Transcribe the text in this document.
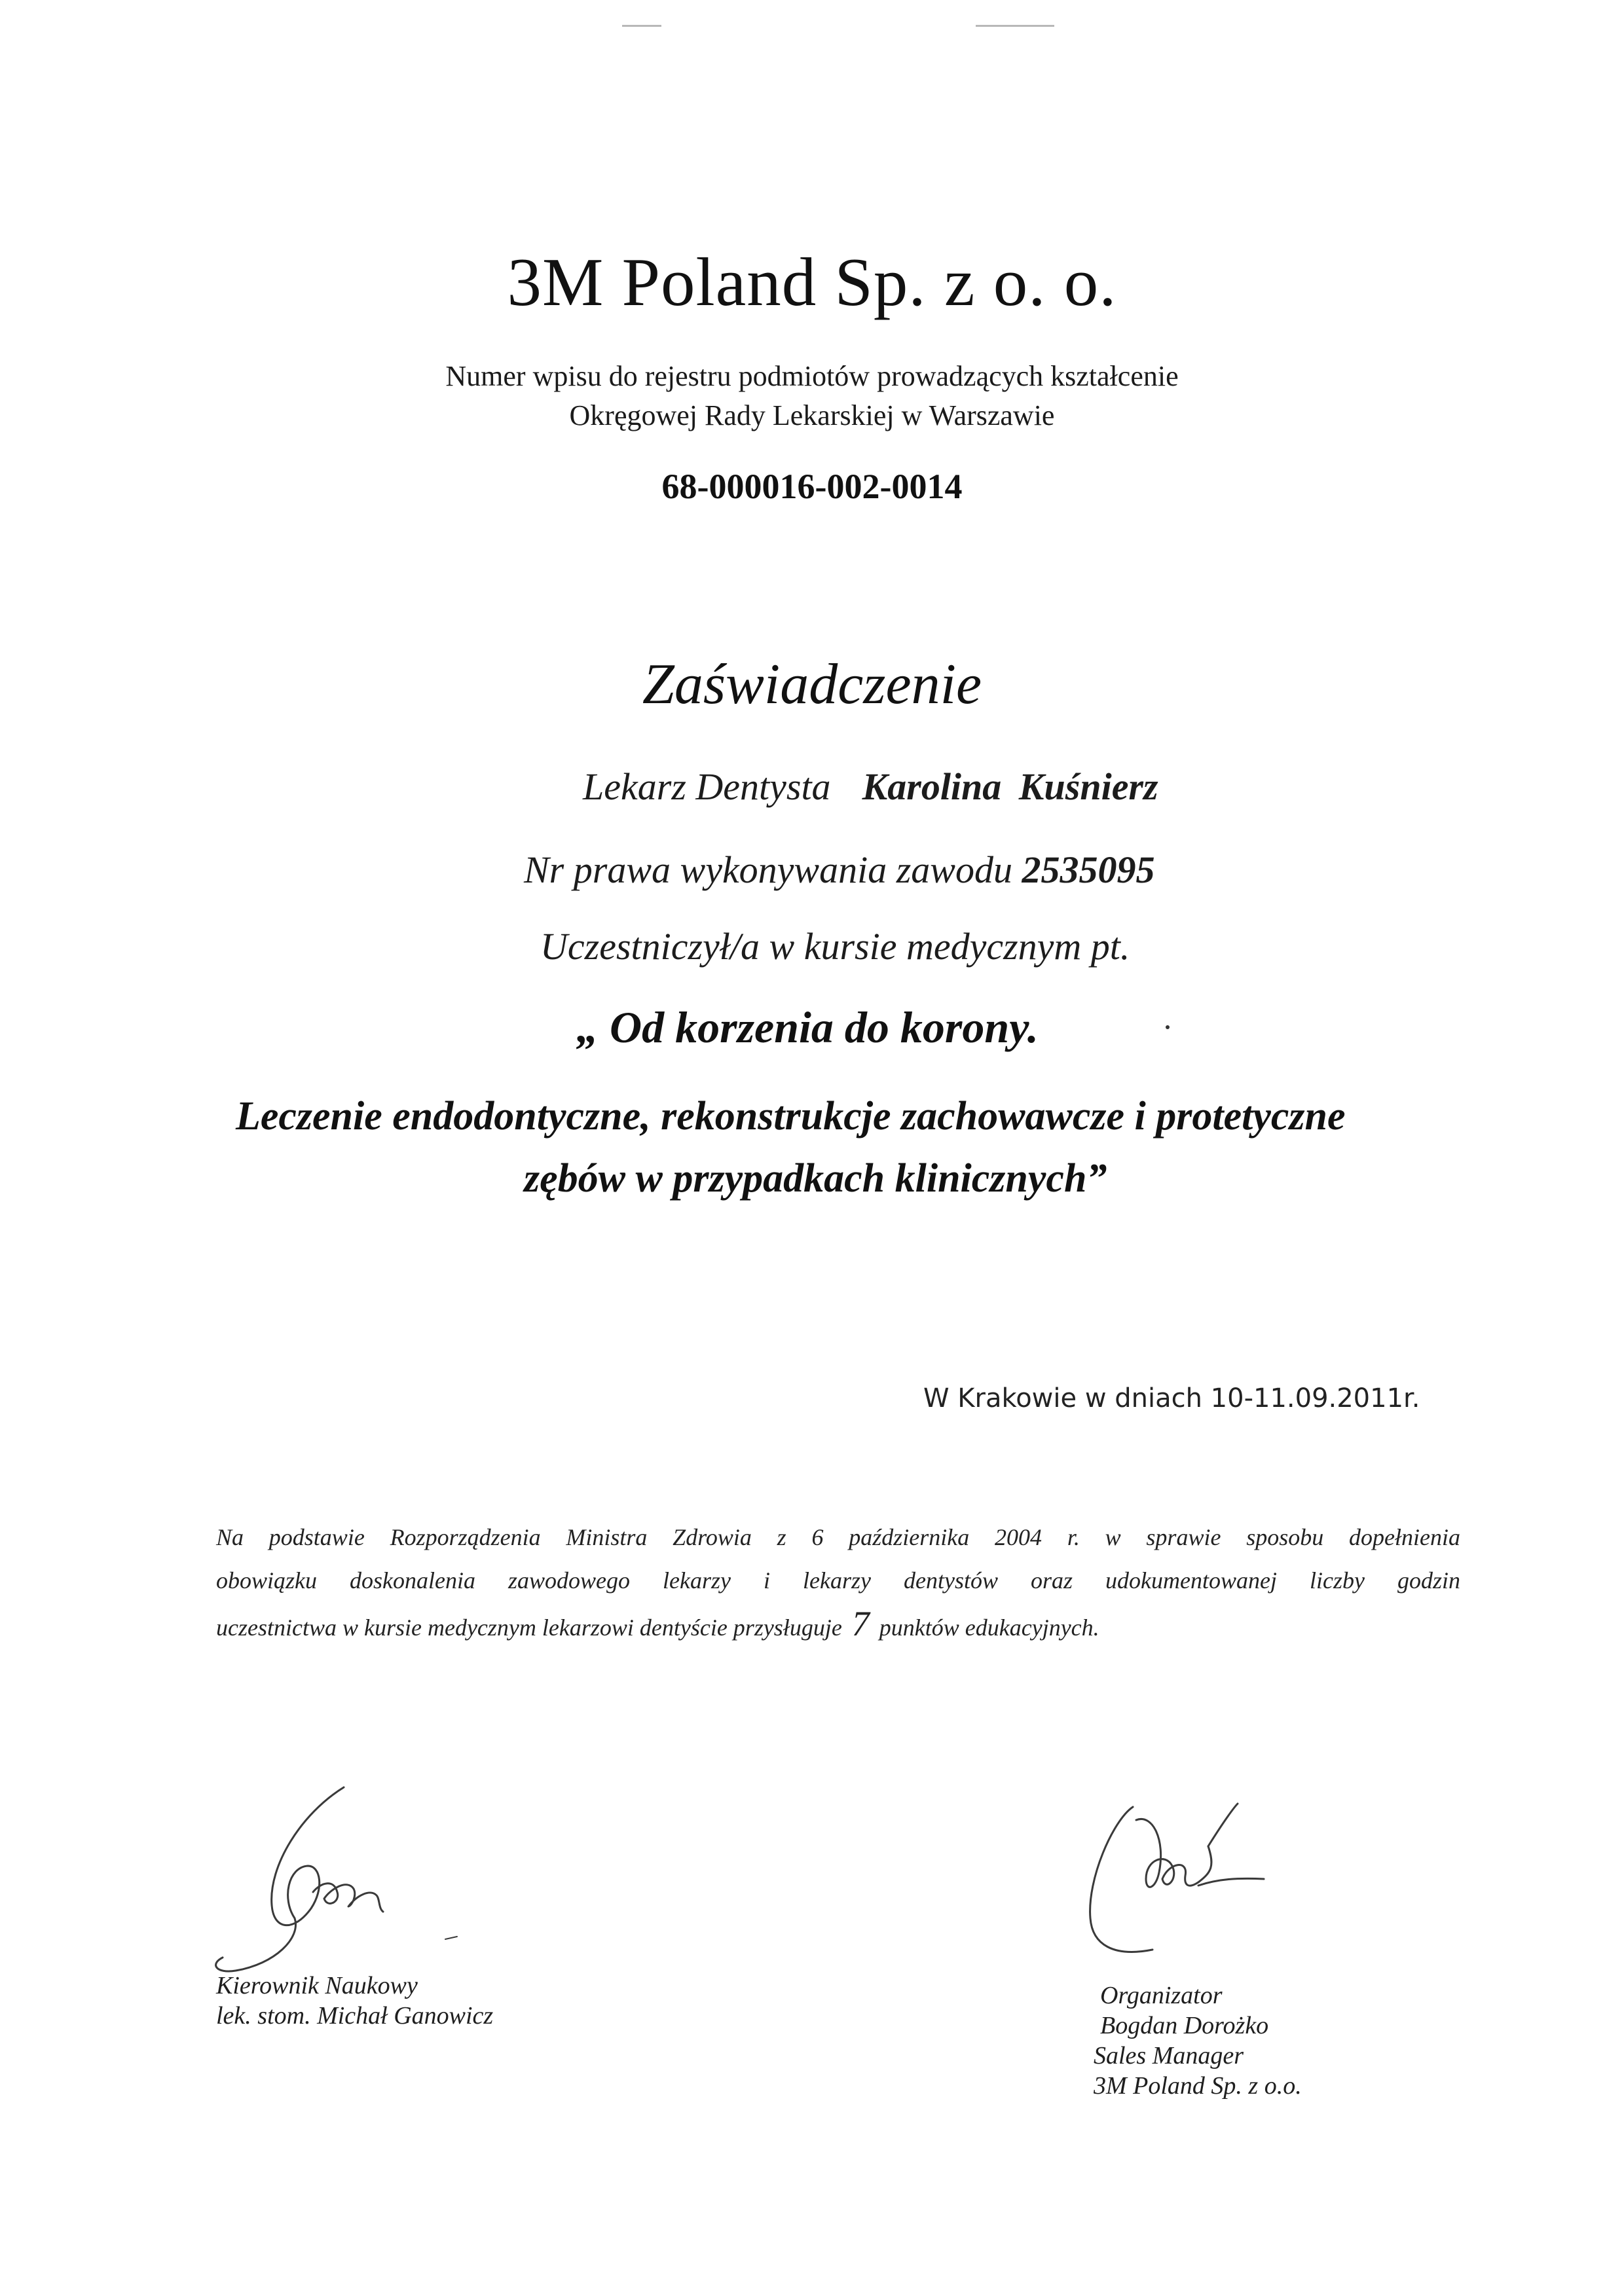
3M Poland Sp. z o. o.
Numer wpisu do rejestru podmiotów prowadzących kształcenie
Okręgowej Rady Lekarskiej w Warszawie
68-000016-002-0014
Zaświadczenie
Lekarz Dentysta Karolina Kuśnierz
Nr prawa wykonywania zawodu 2535095
Uczestniczył/a w kursie medycznym pt.
„ Od korzenia do korony.
Leczenie endodontyczne, rekonstrukcje zachowawcze i protetyczne
zębów w przypadkach klinicznych”
W Krakowie w dniach 10-11.09.2011r.
Na podstawie Rozporządzenia Ministra Zdrowia z 6 października 2004 r. w sprawie sposobu dopełnienia
obowiązku doskonalenia zawodowego lekarzy i lekarzy dentystów oraz udokumentowanej liczby godzin
uczestnictwa w kursie medycznym lekarzowi dentyście przysługuje 7 punktów edukacyjnych.
Kierownik Naukowy
lek. stom. Michał Ganowicz
Organizator
Bogdan Dorożko
Sales Manager
3M Poland Sp. z o.o.
